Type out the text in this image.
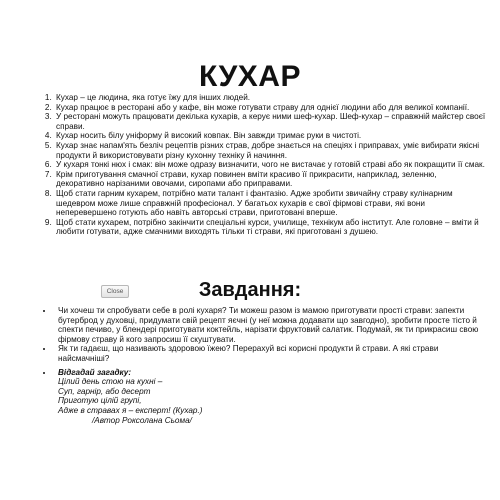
КУХАР
1. Кухар – це людина, яка готує їжу для інших людей.
2. Кухар працює в ресторані або у кафе, він може готувати страву для однієї людини або для великої компанії.
3. У ресторані можуть працювати декілька кухарів, а керує ними шеф-кухар. Шеф-кухар – справжній майстер своєї справи.
4. Кухар носить білу уніформу й високий ковпак. Він завжди тримає руки в чистоті.
5. Кухар знає напам'ять безліч рецептів різних страв, добре знається на спеціях і приправах, уміє вибирати якісні продукти й використовувати різну кухонну техніку й начиння.
6. У кухаря тонкі нюх і смак: він може одразу визначити, чого не вистачає у готовій страві або як покращити її смак.
7. Крім приготування смачної страви, кухар повинен вміти красиво її прикрасити, наприклад, зеленню, декоративно нарізаними овочами, сиропами або приправами.
8. Щоб стати гарним кухарем, потрібно мати талант і фантазію. Адже зробити звичайну страву кулінарним шедевром може лише справжній професіонал. У багатьох кухарів є свої фірмові страви, які вони неперевершено готують або навіть авторські страви, приготовані вперше.
9. Щоб стати кухарем, потрібно закінчити спеціальні курси, училище, технікум або інститут. Але головне – вміти й любити готувати, адже смачними виходять тільки ті страви, які приготовані з душею.
Close	Завдання:
• Чи хочеш ти спробувати себе в ролі кухаря? Ти можеш разом із мамою приготувати прості страви: запекти бутерброд у духовці, придумати свій рецепт яєчні (у неї можна додавати що завгодно), зробити просте тісто й спекти печиво, у блендері приготувати коктейль, нарізати фруктовий салатик. Подумай, як ти прикрасиш свою фірмову страву й кого запросиш її скуштувати.
• Як ти гадаєш, що називають здоровою їжею? Перерахуй всі корисні продукти й страви. А які страви найсмачніші?
• Відгадай загадку:
Цілий день стою на кухні –
Суп, гарнір, або десерт
Приготую цілій групі,
Адже в стравах я – експерт! (Кухар.)
/Автор Роксолана Сьома/
